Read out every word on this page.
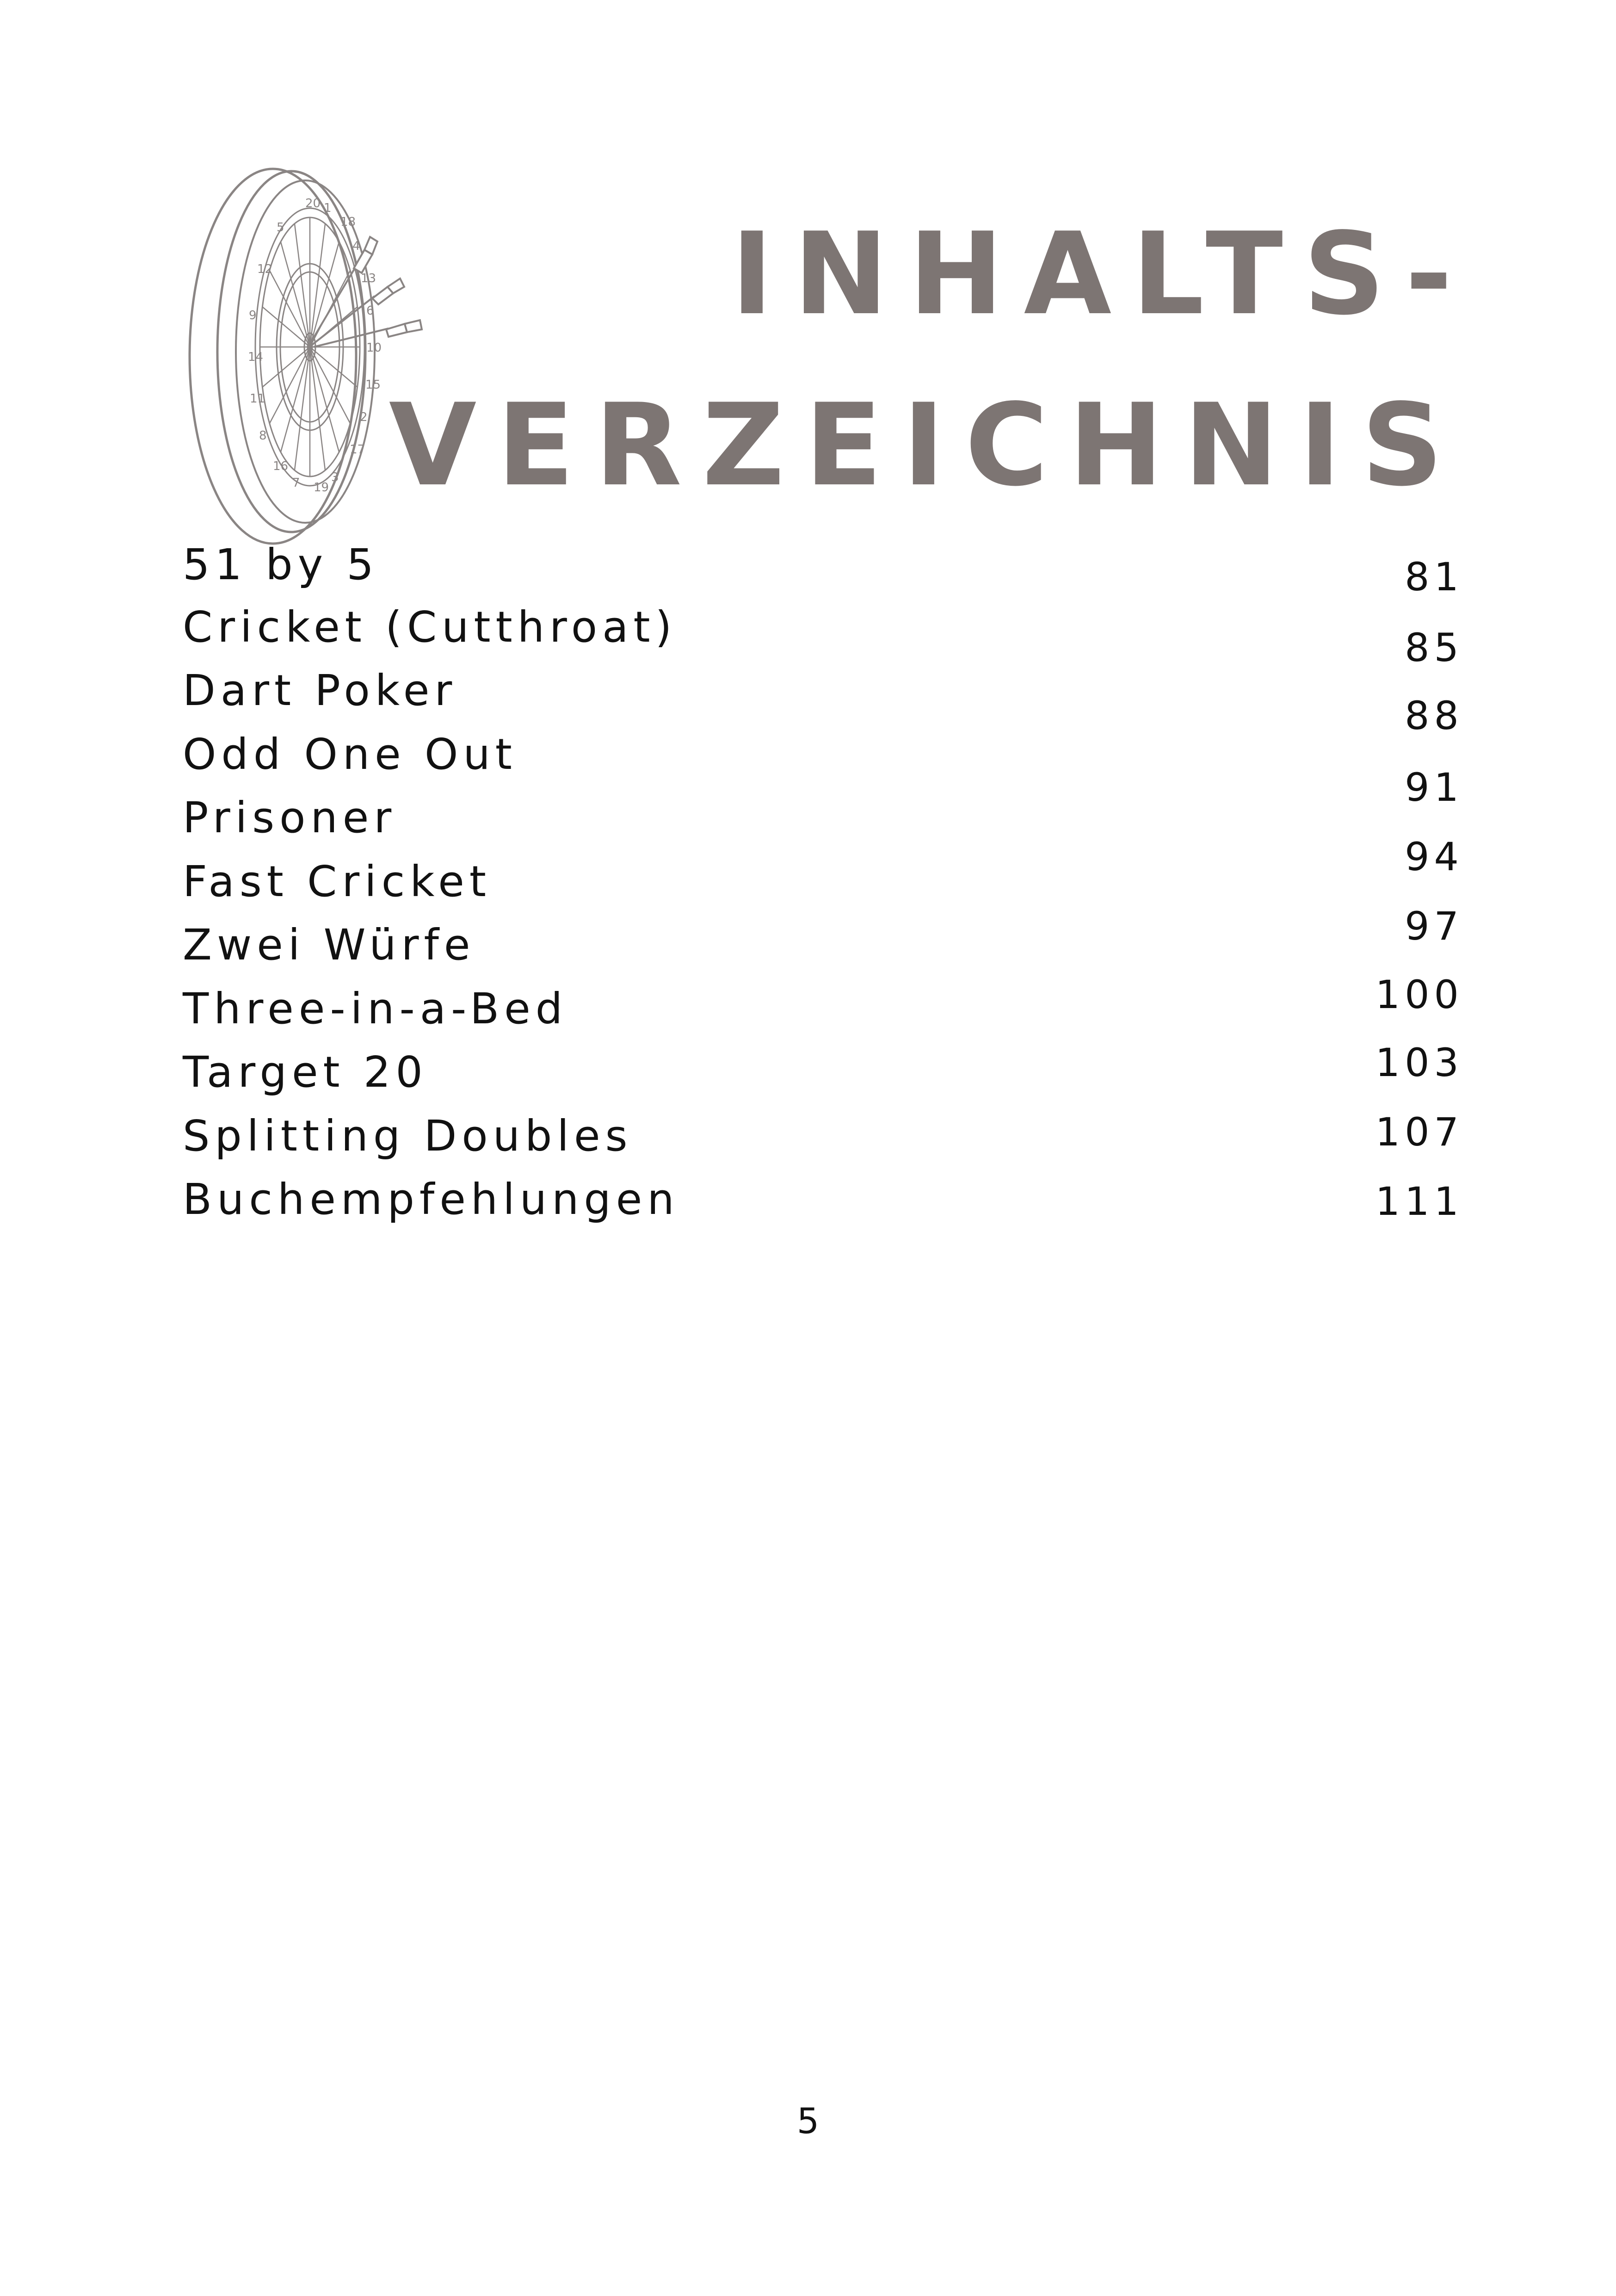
20 1
18
4
13
6
10
15
2
17
3
19
7
16
8
11
14
9
12
5	INHALTS-
VERZEICHNIS
51 by 5
Cricket (Cutthroat)
Dart Poker
Odd One Out
Prisoner
Fast Cricket
Zwei Würfe
Three-in-a-Bed
Target 20
Splitting Doubles
Buchempfehlungen
81
85
88
91
94
97
100
103
107
111
5
